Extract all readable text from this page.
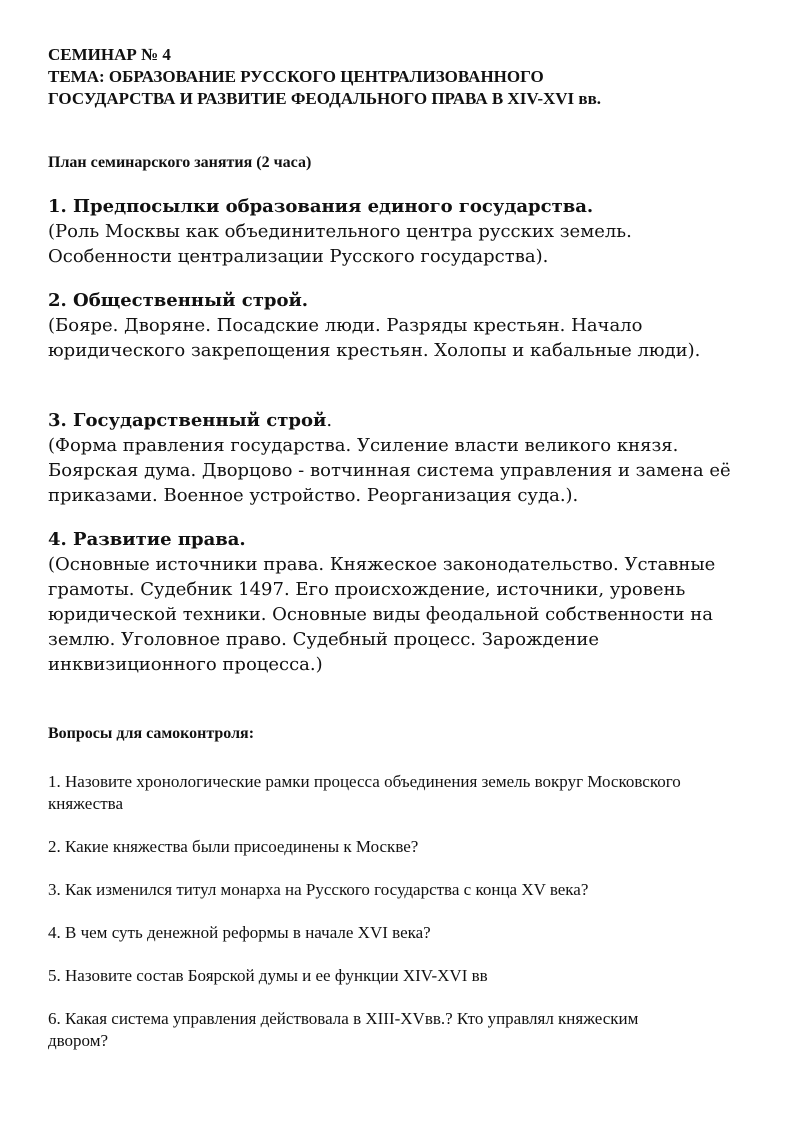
СЕМИНАР № 4

ТЕМА: ОБРАЗОВАНИЕ РУССКОГО ЦЕНТРАЛИЗОВАННОГО

ГОСУДАРСТВА И РАЗВИТИЕ ФЕОДАЛЬНОГО ПРАВА В XIV-XVI вв.

План семинарского занятия (2 часа)

1. Предпосылки образования единого государства.

(Роль Москвы как объединительного центра русских земель.

Особенности централизации Русского государства).

2. Общественный строй.

(Бояре. Дворяне. Посадские люди. Разряды крестьян. Начало

юридического закрепощения крестьян. Холопы и кабальные люди).

3. Государственный строй.

(Форма правления государства. Усиление власти великого князя.

Боярская дума. Дворцово - вотчинная система управления и замена её

приказами. Военное устройство. Реорганизация суда.).

4. Развитие права.

(Основные источники права. Княжеское законодательство. Уставные

грамоты. Судебник 1497. Его происхождение, источники, уровень

юридической техники. Основные виды феодальной собственности на

землю. Уголовное право. Судебный процесс. Зарождение

инквизиционного процесса.)

Вопросы для самоконтроля:

1. Назовите хронологические рамки процесса объединения земель вокруг Московского

княжества

2. Какие княжества были присоединены к Москве?

3. Как изменился титул монарха на Русского государства с конца XV века?

4. В чем суть денежной реформы в начале XVI века?

5. Назовите состав Боярской думы и ее функции XIV-XVI вв

6. Какая система управления действовала в XIII-XVвв.? Кто управлял княжеским

двором?
